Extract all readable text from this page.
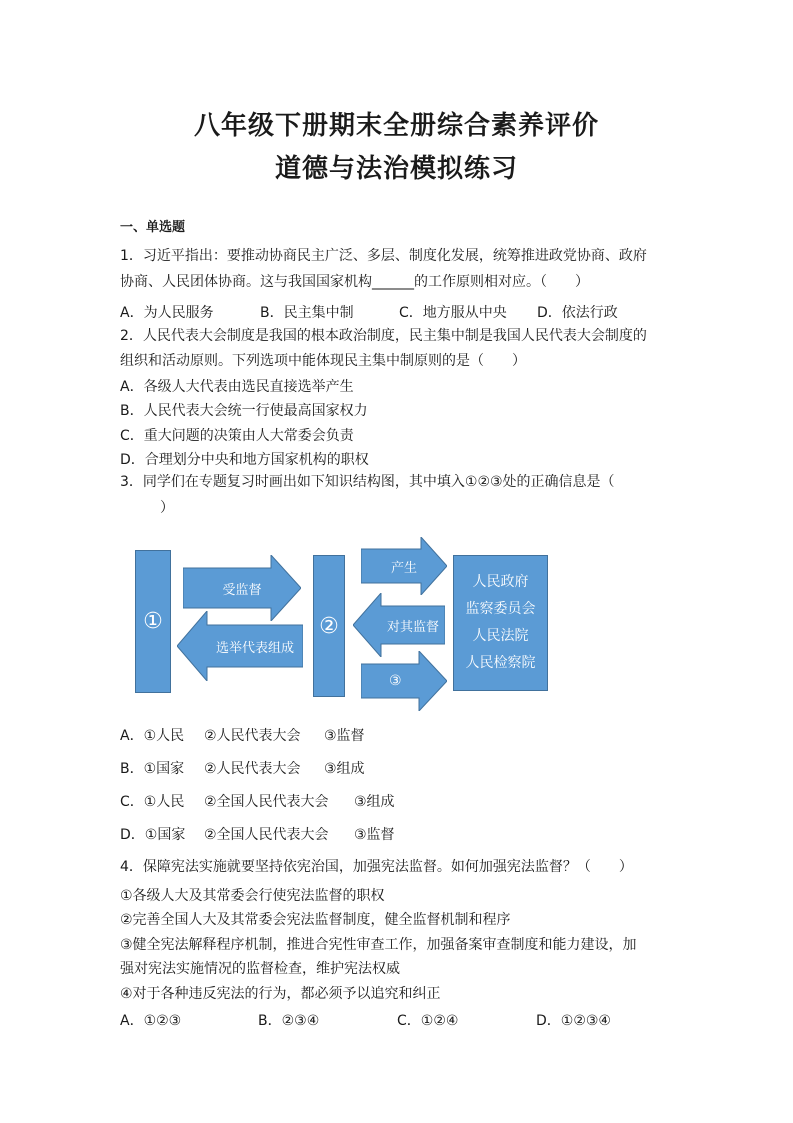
八年级下册期末全册综合素养评价
道德与法治模拟练习
一、单选题
1．习近平指出：要推动协商民主广泛、多层、制度化发展，统筹推进政党协商、政府
协商、人民团体协商。这与我国国家机构______的工作原则相对应。（　　）
A．为人民服务	B．民主集中制	C．地方服从中央 D．依法行政
2．人民代表大会制度是我国的根本政治制度，民主集中制是我国人民代表大会制度的
组织和活动原则。下列选项中能体现民主集中制原则的是（　　）
A．各级人大代表由选民直接选举产生
B．人民代表大会统一行使最高国家权力
C．重大问题的决策由人大常委会负责
D．合理划分中央和地方国家机构的职权
3．同学们在专题复习时画出如下知识结构图，其中填入①②③处的正确信息是（
）
①
受监督
选举代表组成
②
产生
对其监督
③
人民政府
监察委员会
人民法院
人民检察院
A．①人民 ②人民代表大会 ③监督
B．①国家 ②人民代表大会 ③组成
C．①人民 ②全国人民代表大会 ③组成
D．①国家 ②全国人民代表大会 ③监督
4．保障宪法实施就要坚持依宪治国，加强宪法监督。如何加强宪法监督？（　　）
①各级人大及其常委会行使宪法监督的职权
②完善全国人大及其常委会宪法监督制度，健全监督机制和程序
③健全宪法解释程序机制，推进合宪性审查工作，加强备案审查制度和能力建设，加
强对宪法实施情况的监督检查，维护宪法权威
④对于各种违反宪法的行为，都必须予以追究和纠正
A．①②③	B．②③④	C．①②④	D．①②③④
